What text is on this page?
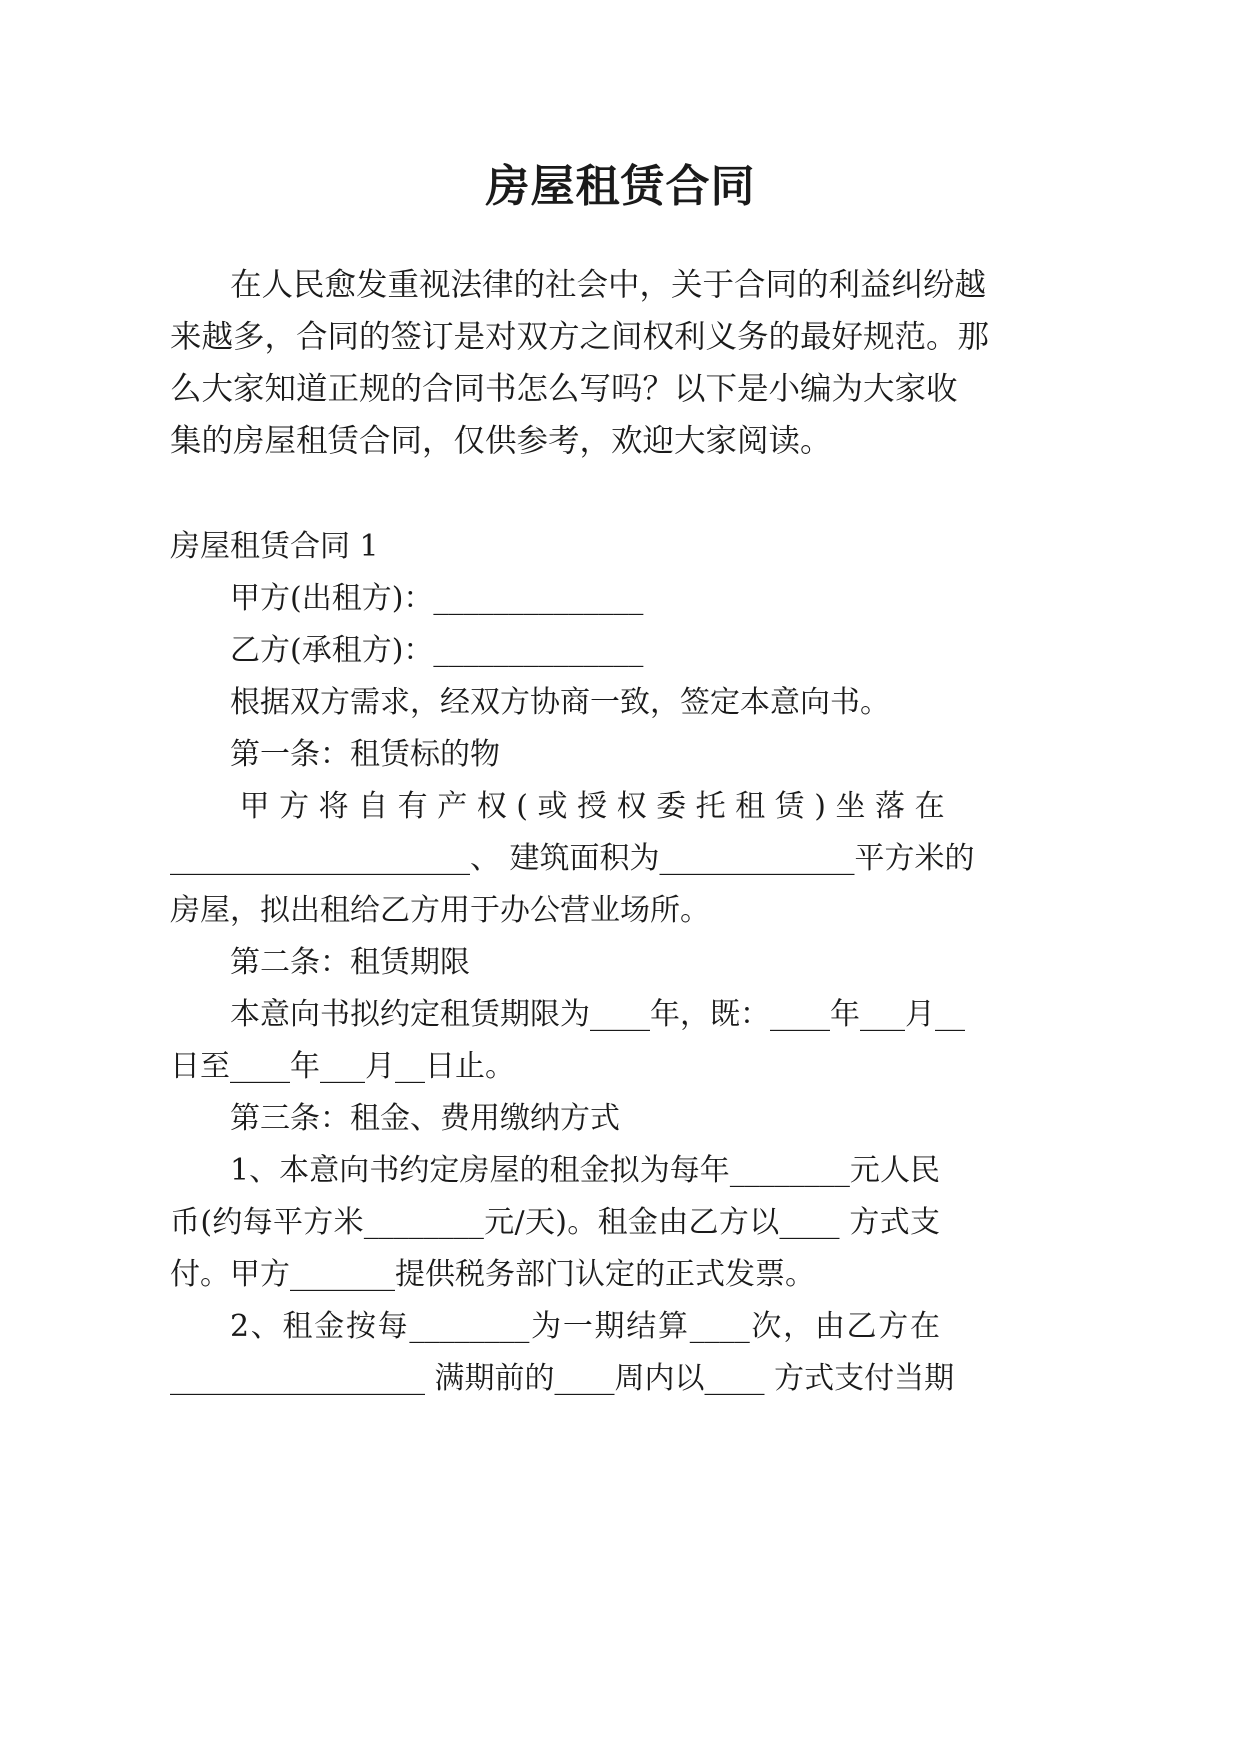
房屋租赁合同

在人民愈发重视法律的社会中，关于合同的利益纠纷越

来越多，合同的签订是对双方之间权利义务的最好规范。那

么大家知道正规的合同书怎么写吗？以下是小编为大家收

集的房屋租赁合同，仅供参考，欢迎大家阅读。

房屋租赁合同 1

甲方(出租方)：______________

乙方(承租方)：______________

根据双方需求，经双方协商一致，签定本意向书。

第一条：租赁标的物

甲 方 将 自 有 产 权 ( 或 授 权 委 托 租 赁 ) 坐 落 在

____________________、 建筑面积为_____________平方米的

房屋，拟出租给乙方用于办公营业场所。

第二条：租赁期限

本意向书拟约定租赁期限为____年，既：____年___月__

日至____年___月__日止。

第三条：租金、费用缴纳方式

1、本意向书约定房屋的租金拟为每年________元人民

币(约每平方米________元/天)。租金由乙方以____ 方式支

付。甲方_______提供税务部门认定的正式发票。

2、租金按每________为一期结算____次，由乙方在

_________________ 满期前的____周内以____ 方式支付当期
